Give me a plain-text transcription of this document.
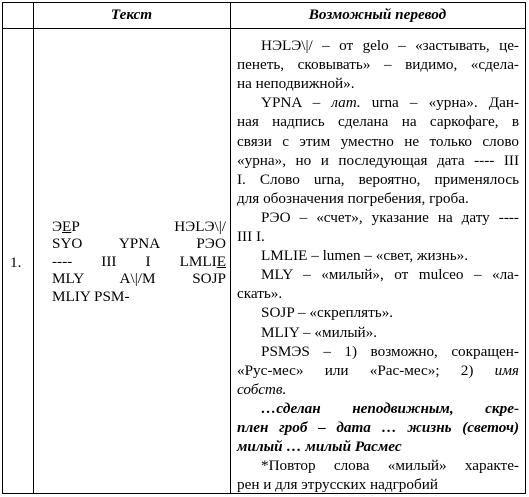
Текст	Возможный перевод
1.
ЭЕР НЭLЭ\|/
SYO YPNA РЭО
---- III I LMLIE
MLY A\|/M SOJP
MLIY PSM-
НЭLЭ\|/ – от gelo – «застывать, це-
пенеть, сковывать» – видимо, «сдела-
на неподвижной».
YPNA – лат. urna – «урна». Дан-
ная надпись сделана на саркофаге, в
связи с этим уместно не только слово
«урна», но и последующая дата ---- III
I. Слово urna, вероятно, применялось
для обозначения погребения, гроба.
РЭО – «счет», указание на дату ----
III I.
LMLIE – lumen – «свет, жизнь».
MLY – «милый», от mulceo – «ла-
скать».
SOJP – «скреплять».
MLIY – «милый».
PSMЭS – 1) возможно, сокращен-
«Рус-мес» или «Рас-мес»; 2) имя
собств.
…сделан неподвижным, скре-
плен гроб – дата … жизнь (светоч)
милый … милый Расмес
*Повтор слова «милый» характе-
рен и для этрусских надгробий
